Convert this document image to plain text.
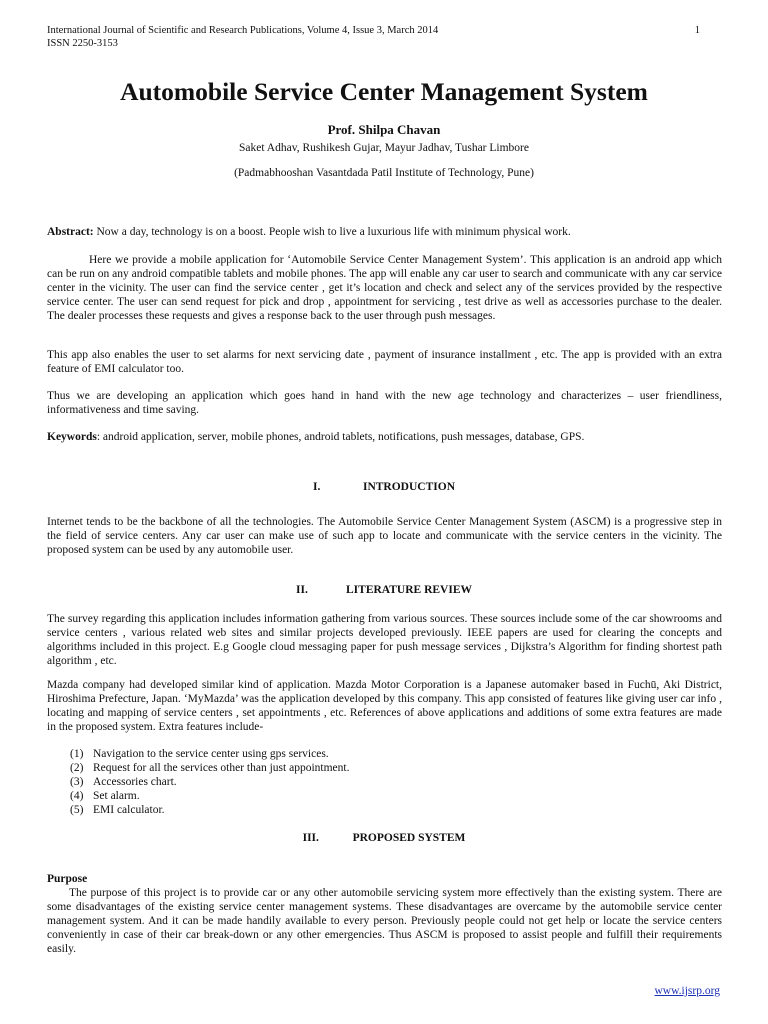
International Journal of Scientific and Research Publications, Volume 4, Issue 3, March 2014
ISSN 2250-3153
1
Automobile Service Center Management System
Prof. Shilpa Chavan
Saket Adhav, Rushikesh Gujar, Mayur Jadhav, Tushar Limbore
(Padmabhooshan Vasantdada Patil Institute of Technology, Pune)

Abstract: Now a day, technology is on a boost. People wish to live a luxurious life with minimum physical work.

Here we provide a mobile application for ‘Automobile Service Center Management System’. This application is an android app which can be run on any android compatible tablets and mobile phones. The app will enable any car user to search and communicate with any car service center in the vicinity. The user can find the service center , get it’s location and check and select any of the services provided by the respective service center. The user can send request for pick and drop , appointment for servicing , test drive as well as accessories purchase to the dealer. The dealer processes these requests and gives a response back to the user through push messages.

This app also enables the user to set alarms for next servicing date , payment of insurance installment , etc. The app is provided with an extra feature of EMI calculator too.

Thus we are developing an application which goes hand in hand with the new age technology and characterizes – user friendliness, informativeness and time saving.

Keywords: android application, server, mobile phones, android tablets, notifications, push messages, database, GPS.

I.	INTRODUCTION

Internet tends to be the backbone of all the technologies. The Automobile Service Center Management System (ASCM) is a progressive step in the field of service centers. Any car user can make use of such app to locate and communicate with the service centers in the vicinity. The proposed system can be used by any automobile user.

II.	LITERATURE REVIEW

The survey regarding this application includes information gathering from various sources. These sources include some of the car showrooms and service centers , various related web sites and similar projects developed previously. IEEE papers are used for clearing the concepts and algorithms included in this project. E.g Google cloud messaging paper for push message services , Dijkstra’s Algorithm for finding shortest path algorithm , etc.

Mazda company had developed similar kind of application. Mazda Motor Corporation is a Japanese automaker based in Fuchū, Aki District, Hiroshima Prefecture, Japan. ‘MyMazda’ was the application developed by this company. This app consisted of features like giving user car info , locating and mapping of service centers , set appointments , etc. References of above applications and additions of some extra features are made in the proposed system. Extra features include-

(1) Navigation to the service center using gps services.
(2) Request for all the services other than just appointment.
(3) Accessories chart.
(4) Set alarm.
(5) EMI calculator.
III.	PROPOSED SYSTEM
Purpose

The purpose of this project is to provide car or any other automobile servicing system more effectively than the existing system. There are some disadvantages of the existing service center management systems. These disadvantages are overcame by the automobile service center management system. And it can be made handily available to every person. Previously people could not get help or locate the service centers conveniently in case of their car break-down or any other emergencies. Thus ASCM is proposed to assist people and fulfill their requirements easily.

www.ijsrp.org
